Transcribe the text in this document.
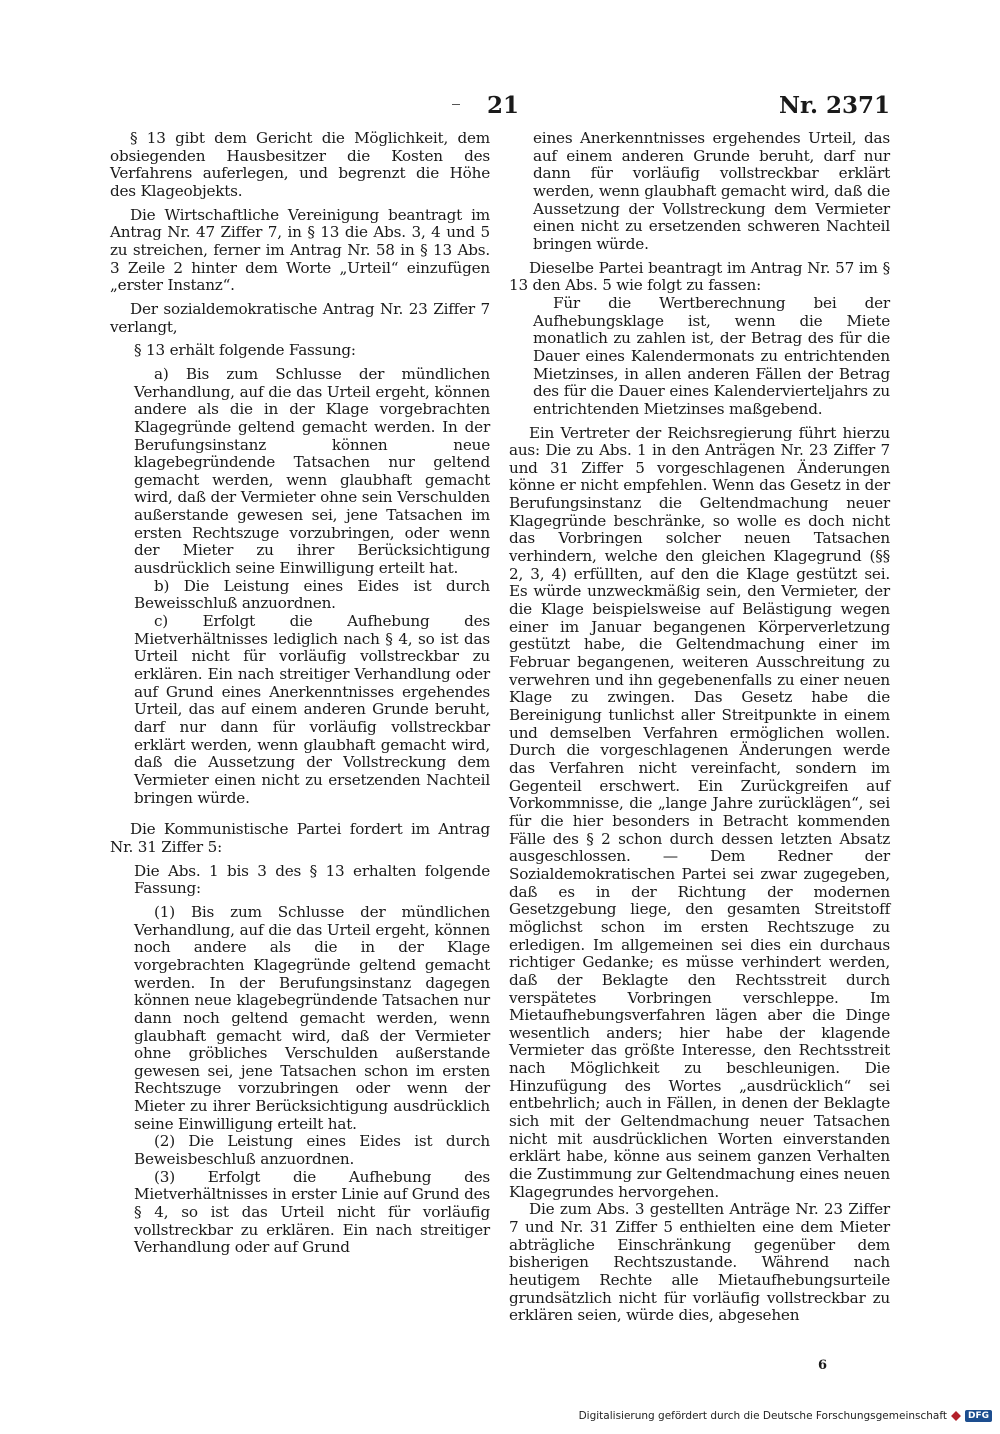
21	Nr. 2371

§ 13 gibt dem Gericht die Möglichkeit, dem obsiegenden Hausbesitzer die Kosten des Verfahrens auferlegen, und begrenzt die Höhe des Klageobjekts.

Die Wirtschaftliche Vereinigung beantragt im Antrag Nr. 47 Ziffer 7, in § 13 die Abs. 3, 4 und 5 zu streichen, ferner im Antrag Nr. 58 in § 13 Abs. 3 Zeile 2 hinter dem Worte „Urteil“ einzufügen „erster Instanz“.

Der sozialdemokratische Antrag Nr. 23 Ziffer 7 verlangt,

§ 13 erhält folgende Fassung:

a) Bis zum Schlusse der mündlichen Verhandlung, auf die das Urteil ergeht, können andere als die in der Klage vorgebrachten Klagegründe geltend gemacht werden. In der Berufungsinstanz können neue klagebegründende Tatsachen nur geltend gemacht werden, wenn glaubhaft gemacht wird, daß der Vermieter ohne sein Verschulden außerstande gewesen sei, jene Tatsachen im ersten Rechtszuge vorzubringen, oder wenn der Mieter zu ihrer Berücksichtigung ausdrücklich seine Einwilligung erteilt hat.

b) Die Leistung eines Eides ist durch Beweisschluß anzuordnen.

c) Erfolgt die Aufhebung des Mietverhältnisses lediglich nach § 4, so ist das Urteil nicht für vorläufig vollstreckbar zu erklären. Ein nach streitiger Verhandlung oder auf Grund eines Anerkenntnisses ergehendes Urteil, das auf einem anderen Grunde beruht, darf nur dann für vorläufig vollstreckbar erklärt werden, wenn glaubhaft gemacht wird, daß die Aussetzung der Vollstreckung dem Vermieter einen nicht zu ersetzenden Nachteil bringen würde.

Die Kommunistische Partei fordert im Antrag Nr. 31 Ziffer 5:

Die Abs. 1 bis 3 des § 13 erhalten folgende Fassung:

(1) Bis zum Schlusse der mündlichen Verhandlung, auf die das Urteil ergeht, können noch andere als die in der Klage vorgebrachten Klagegründe geltend gemacht werden. In der Berufungsinstanz dagegen können neue klagebegründende Tatsachen nur dann noch geltend gemacht werden, wenn glaubhaft gemacht wird, daß der Vermieter ohne gröbliches Verschulden außerstande gewesen sei, jene Tatsachen schon im ersten Rechtszuge vorzubringen oder wenn der Mieter zu ihrer Berücksichtigung ausdrücklich seine Einwilligung erteilt hat.

(2) Die Leistung eines Eides ist durch Beweisbeschluß anzuordnen.

(3) Erfolgt die Aufhebung des Mietverhältnisses in erster Linie auf Grund des § 4, so ist das Urteil nicht für vorläufig vollstreckbar zu erklären. Ein nach streitiger Verhandlung oder auf Grund

eines Anerkenntnisses ergehendes Urteil, das auf einem anderen Grunde beruht, darf nur dann für vorläufig vollstreckbar erklärt werden, wenn glaubhaft gemacht wird, daß die Aussetzung der Vollstreckung dem Vermieter einen nicht zu ersetzenden schweren Nachteil bringen würde.

Dieselbe Partei beantragt im Antrag Nr. 57 im § 13 den Abs. 5 wie folgt zu fassen:

Für die Wertberechnung bei der Aufhebungsklage ist, wenn die Miete monatlich zu zahlen ist, der Betrag des für die Dauer eines Kalendermonats zu entrichtenden Mietzinses, in allen anderen Fällen der Betrag des für die Dauer eines Kalendervierteljahrs zu entrichtenden Mietzinses maßgebend.

Ein Vertreter der Reichsregierung führt hierzu aus: Die zu Abs. 1 in den Anträgen Nr. 23 Ziffer 7 und 31 Ziffer 5 vorgeschlagenen Änderungen könne er nicht empfehlen. Wenn das Gesetz in der Berufungsinstanz die Geltendmachung neuer Klagegründe beschränke, so wolle es doch nicht das Vorbringen solcher neuen Tatsachen verhindern, welche den gleichen Klagegrund (§§ 2, 3, 4) erfüllten, auf den die Klage gestützt sei. Es würde unzweckmäßig sein, den Vermieter, der die Klage beispielsweise auf Belästigung wegen einer im Januar begangenen Körperverletzung gestützt habe, die Geltendmachung einer im Februar begangenen, weiteren Ausschreitung zu verwehren und ihn gegebenenfalls zu einer neuen Klage zu zwingen. Das Gesetz habe die Bereinigung tunlichst aller Streitpunkte in einem und demselben Verfahren ermöglichen wollen. Durch die vorgeschlagenen Änderungen werde das Verfahren nicht vereinfacht, sondern im Gegenteil erschwert. Ein Zurückgreifen auf Vorkommnisse, die „lange Jahre zurücklägen“, sei für die hier besonders in Betracht kommenden Fälle des § 2 schon durch dessen letzten Absatz ausgeschlossen. — Dem Redner der Sozialdemokratischen Partei sei zwar zugegeben, daß es in der Richtung der modernen Gesetzgebung liege, den gesamten Streitstoff möglichst schon im ersten Rechtszuge zu erledigen. Im allgemeinen sei dies ein durchaus richtiger Gedanke; es müsse verhindert werden, daß der Beklagte den Rechtsstreit durch verspätetes Vorbringen verschleppe. Im Mietaufhebungsverfahren lägen aber die Dinge wesentlich anders; hier habe der klagende Vermieter das größte Interesse, den Rechtsstreit nach Möglichkeit zu beschleunigen. Die Hinzufügung des Wortes „ausdrücklich“ sei entbehrlich; auch in Fällen, in denen der Beklagte sich mit der Geltendmachung neuer Tatsachen nicht mit ausdrücklichen Worten einverstanden erklärt habe, könne aus seinem ganzen Verhalten die Zustimmung zur Geltendmachung eines neuen Klagegrundes hervorgehen.

Die zum Abs. 3 gestellten Anträge Nr. 23 Ziffer 7 und Nr. 31 Ziffer 5 enthielten eine dem Mieter abträgliche Einschränkung gegenüber dem bisherigen Rechtszustande. Während nach heutigem Rechte alle Mietaufhebungsurteile grundsätzlich nicht für vorläufig vollstreckbar zu erklären seien, würde dies, abgesehen

6
Digitalisierung gefördert durch die Deutsche Forschungsgemeinschaft	DFG
